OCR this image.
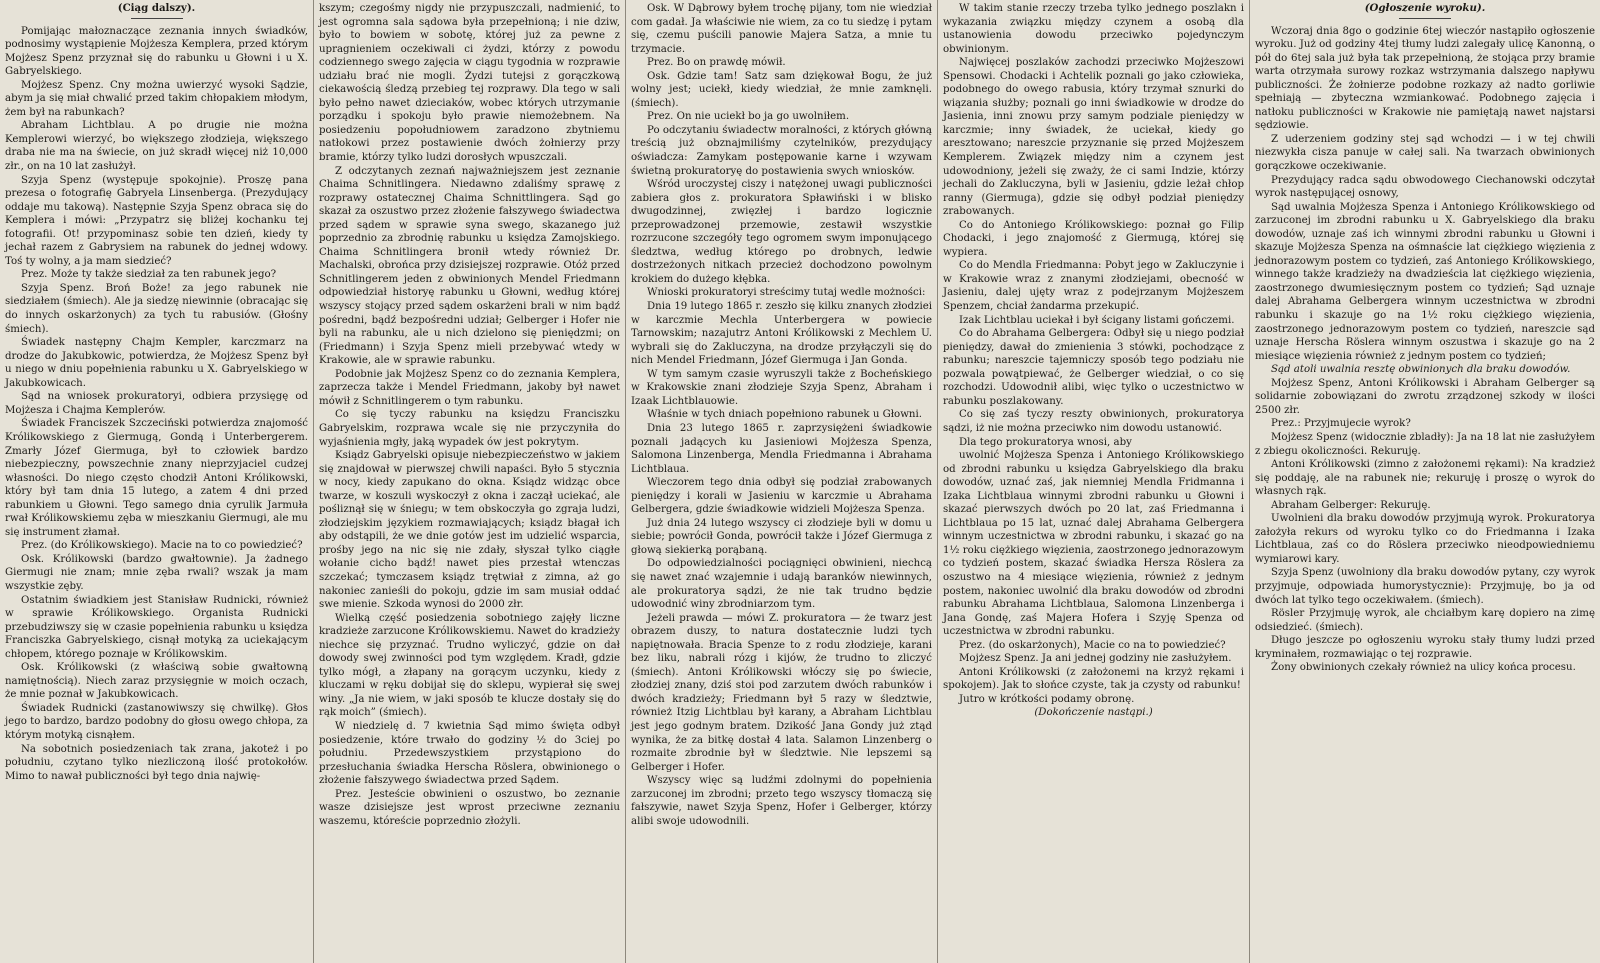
(Ciąg dalszy).

Pomijając małoznaczące zeznania innych świadków, podnosimy wystąpienie Mojżesza Kemplera, przed którym Mojżesz Spenz przyznał się do rabunku u Głowni i u X. Gabryelskiego.

Mojżesz Spenz. Cny można uwierzyć wysoki Sądzie, abym ja się miał chwalić przed takim chłopakiem młodym, żem był na rabunkach?

Abraham Lichtblau. A po drugie nie można Kemplerowi wierzyć, bo większego złodzieja, większego draba nie ma na świecie, on już skradł więcej niż 10,000 złr., on na 10 lat zasłużył.

Szyja Spenz (występuje spokojnie). Proszę pana prezesa o fotografię Gabryela Linsenberga. (Prezydujący oddaje mu takową). Następnie Szyja Spenz obraca się do Kemplera i mówi: „Przypatrz się bliżej kochanku tej fotografii. Ot! przypominasz sobie ten dzień, kiedy ty jechał razem z Gabrysiem na rabunek do jednej wdowy. Toś ty wolny, a ja mam siedzieć?

Prez. Może ty także siedział za ten rabunek jego?

Szyja Spenz. Broń Boże! za jego rabunek nie siedziałem (śmiech). Ale ja siedzę niewinnie (obracając się do innych oskarżonych) za tych tu rabusiów. (Głośny śmiech).

Świadek następny Chajm Kempler, karczmarz na drodze do Jakubkowic, potwierdza, że Mojżesz Spenz był u niego w dniu popełnienia rabunku u X. Gabryelskiego w Jakubkowicach.

Sąd na wniosek prokuratoryi, odbiera przysięgę od Mojżesza i Chajma Kemplerów.

Świadek Franciszek Szczeciński potwierdza znajomość Królikowskiego z Giermugą, Gondą i Unterbergerem. Zmarły Józef Giermuga, był to człowiek bardzo niebezpieczny, powszechnie znany nieprzyjaciel cudzej własności. Do niego często chodził Antoni Królikowski, który był tam dnia 15 lutego, a zatem 4 dni przed rabunkiem u Głowni. Tego samego dnia cyrulik Jarmuła rwał Królikowskiemu zęba w mieszkaniu Giermugi, ale mu się instrument złamał.

Prez. (do Królikowskiego). Macie na to co powiedzieć?

Osk. Królikowski (bardzo gwałtownie). Ja żadnego Giermugi nie znam; mnie zęba rwali? wszak ja mam wszystkie zęby.

Ostatnim świadkiem jest Stanisław Rudnicki, również w sprawie Królikowskiego. Organista Rudnicki przebudziwszy się w czasie popełnienia rabunku u księdza Franciszka Gabryelskiego, cisnął motyką za uciekającym chłopem, którego poznaje w Królikowskim.

Osk. Królikowski (z właściwą sobie gwałtowną namiętnością). Niech zaraz przysięgnie w moich oczach, że mnie poznał w Jakubkowicach.

Świadek Rudnicki (zastanowiwszy się chwilkę). Głos jego to bardzo, bardzo podobny do głosu owego chłopa, za którym motyką cisnąłem.

Na sobotnich posiedzeniach tak zrana, jakoteż i po południu, czytano tylko niezliczoną ilość protokołów. Mimo to nawał publiczności był tego dnia najwię-

kszym; czegośmy nigdy nie przypuszczali, nadmienić, to jest ogromna sala sądowa była przepełnioną; i nie dziw, było to bowiem w sobotę, której już za pewne z upragnieniem oczekiwali ci żydzi, którzy z powodu codziennego swego zajęcia w ciągu tygodnia w rozprawie udziału brać nie mogli. Żydzi tutejsi z gorączkową ciekawością śledzą przebieg tej rozprawy. Dla tego w sali było pełno nawet dzieciaków, wobec których utrzymanie porządku i spokoju było prawie niemożebnem. Na posiedzeniu popołudniowem zaradzono zbytniemu natłokowi przez postawienie dwóch żołnierzy przy bramie, którzy tylko ludzi dorosłych wpuszczali.

Z odczytanych zeznań najważniejszem jest zeznanie Chaima Schnitlingera. Niedawno zdaliśmy sprawę z rozprawy ostatecznej Chaima Schnittlingera. Sąd go skazał za oszustwo przez złożenie fałszywego świadectwa przed sądem w sprawie syna swego, skazanego już poprzednio za zbrodnię rabunku u księdza Zamojskiego. Chaima Schnitlingera bronił wtedy również Dr. Machalski, obrońca przy dzisiejszej rozprawie. Otóż przed Schnitlingerem jeden z obwinionych Mendel Friedmann odpowiedział historyę rabunku u Głowni, według której wszyscy stojący przed sądem oskarżeni brali w nim bądź pośredni, bądź bezpośredni udział; Gelberger i Hofer nie byli na rabunku, ale u nich dzielono się pieniędzmi; on (Friedmann) i Szyja Spenz mieli przebywać wtedy w Krakowie, ale w sprawie rabunku.

Podobnie jak Mojżesz Spenz co do zeznania Kemplera, zaprzecza także i Mendel Friedmann, jakoby był nawet mówił z Schnitlingerem o tym rabunku.

Co się tyczy rabunku na księdzu Franciszku Gabryelskim, rozprawa wcale się nie przyczyniła do wyjaśnienia mgły, jaką wypadek ów jest pokrytym.

Ksiądz Gabryelski opisuje niebezpieczeństwo w jakiem się znajdował w pierwszej chwili napaści. Było 5 stycznia w nocy, kiedy zapukano do okna. Ksiądz widząc obce twarze, w koszuli wyskoczył z okna i zaczął uciekać, ale pośliznął się w śniegu; w tem obskoczyła go zgraja ludzi, złodziejskim językiem rozmawiających; ksiądz błagał ich aby odstąpili, że we dnie gotów jest im udzielić wsparcia, prośby jego na nic się nie zdały, słyszał tylko ciągłe wołanie cicho bądź! nawet pies przestał wtenczas szczekać; tymczasem ksiądz trętwiał z zimna, aż go nakoniec zanieśli do pokoju, gdzie im sam musiał oddać swe mienie. Szkoda wynosi do 2000 złr.

Wielką część posiedzenia sobotniego zajęły liczne kradzieże zarzucone Królikowskiemu. Nawet do kradzieży niechce się przyznać. Trudno wyliczyć, gdzie on dał dowody swej zwinności pod tym względem. Kradł, gdzie tylko mógł, a złapany na gorącym uczynku, kiedy z kluczami w ręku dobijał się do sklepu, wypierał się swej winy. „Ja nie wiem, w jaki sposób te klucze dostały się do rąk moich” (śmiech).

W niedzielę d. 7 kwietnia Sąd mimo święta odbył posiedzenie, które trwało do godziny ½ do 3ciej po południu. Przedewszystkiem przystąpiono do przesłuchania świadka Herscha Röslera, obwinionego o złożenie fałszywego świadectwa przed Sądem.

Prez. Jesteście obwinieni o oszustwo, bo zeznanie wasze dzisiejsze jest wprost przeciwne zeznaniu waszemu, któreście poprzednio złożyli.

Osk. W Dąbrowy byłem trochę pijany, tom nie wiedział com gadał. Ja właściwie nie wiem, za co tu siedzę i pytam się, czemu puścili panowie Majera Satza, a mnie tu trzymacie.

Prez. Bo on prawdę mówił.

Osk. Gdzie tam! Satz sam dziękował Bogu, że już wolny jest; uciekł, kiedy wiedział, że mnie zamknęli. (śmiech).

Prez. On nie uciekł bo ja go uwolniłem.

Po odczytaniu świadectw moralności, z których główną treścią już obznajmiliśmy czytelników, prezydujący oświadcza: Zamykam postępowanie karne i wzywam świetną prokuratoryę do postawienia swych wniosków.

Wśród uroczystej ciszy i natężonej uwagi publiczności zabiera głos z. prokuratora Spławiński i w blisko dwugodzinnej, zwięzłej i bardzo logicznie przeprowadzonej przemowie, zestawił wszystkie rozrzucone szczegóły tego ogromem swym imponującego śledztwa, według którego po drobnych, ledwie dostrzeżonych nitkach przecież dochodzono powolnym krokiem do dużego kłębka.

Wnioski prokuratoryi streścimy tutaj wedle możności:

Dnia 19 lutego 1865 r. zeszło się kilku znanych złodziei w karczmie Mechla Unterbergera w powiecie Tarnowskim; nazajutrz Antoni Królikowski z Mechlem U. wybrali się do Zakluczyna, na drodze przyłączyli się do nich Mendel Friedmann, Józef Giermuga i Jan Gonda.

W tym samym czasie wyruszyli także z Bocheńskiego w Krakowskie znani złodzieje Szyja Spenz, Abraham i Izaak Lichtblauowie.

Właśnie w tych dniach popełniono rabunek u Głowni.

Dnia 23 lutego 1865 r. zaprzysiężeni świadkowie poznali jadących ku Jasieniowi Mojżesza Spenza, Salomona Linzenberga, Mendla Friedmanna i Abrahama Lichtblaua.

Wieczorem tego dnia odbył się podział zrabowanych pieniędzy i korali w Jasieniu w karczmie u Abrahama Gelbergera, gdzie świadkowie widzieli Mojżesza Spenza.

Już dnia 24 lutego wszyscy ci złodzieje byli w domu u siebie; powrócił Gonda, powrócił także i Józef Giermuga z głową siekierką porąbaną.

Do odpowiedzialności pociągnięci obwinieni, niechcą się nawet znać wzajemnie i udają baranków niewinnych, ale prokuratorya sądzi, że nie tak trudno będzie udowodnić winy zbrodniarzom tym.

Jeżeli prawda — mówi Z. prokuratora — że twarz jest obrazem duszy, to natura dostatecznie ludzi tych napiętnowała. Bracia Spenze to z rodu złodzieje, karani bez liku, nabrali rózg i kijów, że trudno to zliczyć (śmiech). Antoni Królikowski włóczy się po świecie, złodziej znany, dziś stoi pod zarzutem dwóch rabunków i dwóch kradzieży; Friedmann był 5 razy w śledztwie, również Itzig Lichtblau był karany, a Abraham Lichtblau jest jego godnym bratem. Dzikość Jana Gondy już ztąd wynika, że za bitkę dostał 4 lata. Salamon Linzenberg o rozmaite zbrodnie był w śledztwie. Nie lepszemi są Gelberger i Hofer.

Wszyscy więc są ludźmi zdolnymi do popełnienia zarzuconej im zbrodni; przeto tego wszyscy tłomaczą się fałszywie, nawet Szyja Spenz, Hofer i Gelberger, którzy alibi swoje udowodnili.

W takim stanie rzeczy trzeba tylko jednego poszlakn i wykazania związku między czynem a osobą dla ustanowienia dowodu przeciwko pojedynczym obwinionym.

Najwięcej poszlaków zachodzi przeciwko Mojżeszowi Spensowi. Chodacki i Achtelik poznali go jako człowieka, podobnego do owego rabusia, który trzymał sznurki do wiązania służby; poznali go inni świadkowie w drodze do Jasienia, inni znowu przy samym podziale pieniędzy w karczmie; inny świadek, że uciekał, kiedy go aresztowano; nareszcie przyznanie się przed Mojżeszem Kemplerem. Związek między nim a czynem jest udowodniony, jeżeli się zważy, że ci sami Indzie, którzy jechali do Zakluczyna, byli w Jasieniu, gdzie leżał chłop ranny (Giermuga), gdzie się odbył podział pieniędzy zrabowanych.

Co do Antoniego Królikowskiego: poznał go Filip Chodacki, i jego znajomość z Giermugą, której się wypiera.

Co do Mendla Friedmanna: Pobyt jego w Zakluczynie i w Krakowie wraz z znanymi złodziejami, obecność w Jasieniu, dalej ujęty wraz z podejrzanym Mojżeszem Spenzem, chciał żandarma przekupić.

Izak Lichtblau uciekał i był ścigany listami gończemi.

Co do Abrahama Gelbergera: Odbył się u niego podział pieniędzy, dawał do zmienienia 3 stówki, pochodzące z rabunku; nareszcie tajemniczy sposób tego podziału nie pozwala powątpiewać, że Gelberger wiedział, o co się rozchodzi. Udowodnił alibi, więc tylko o uczestnictwo w rabunku poszlakowany.

Co się zaś tyczy reszty obwinionych, prokuratorya sądzi, iż nie można przeciwko nim dowodu ustanowić.

Dla tego prokuratorya wnosi, aby

uwolnić Mojżesza Spenza i Antoniego Królikowskiego od zbrodni rabunku u księdza Gabryelskiego dla braku dowodów, uznać zaś, jak niemniej Mendla Fridmanna i Izaka Lichtblaua winnymi zbrodni rabunku u Głowni i skazać pierwszych dwóch po 20 lat, zaś Friedmanna i Lichtblaua po 15 lat, uznać dalej Abrahama Gelbergera winnym uczestnictwa w zbrodni rabunku, i skazać go na 1½ roku ciężkiego więzienia, zaostrzonego jednorazowym co tydzień postem, skazać świadka Hersza Röslera za oszustwo na 4 miesiące więzienia, również z jednym postem, nakoniec uwolnić dla braku dowodów od zbrodni rabunku Abrahama Lichtblaua, Salomona Linzenberga i Jana Gondę, zaś Majera Hofera i Szyję Spenza od uczestnictwa w zbrodni rabunku.

Prez. (do oskarżonych), Macie co na to powiedzieć?

Mojżesz Spenz. Ja ani jednej godziny nie zasłużyłem.

Antoni Królikowski (z założonemi na krzyż rękami i spokojem). Jak to słońce czyste, tak ja czysty od rabunku!

Jutro w krótkości podamy obronę.

(Dokończenie nastąpi.)

(Ogłoszenie wyroku).

Wczoraj dnia 8go o godzinie 6tej wieczór nastąpiło ogłoszenie wyroku. Już od godziny 4tej tłumy ludzi zalegały ulicę Kanonną, o pół do 6tej sala już była tak przepełnioną, że stojąca przy bramie warta otrzymała surowy rozkaz wstrzymania dalszego napływu publiczności. Że żołnierze podobne rozkazy aż nadto gorliwie spełniają — zbyteczna wzmiankować. Podobnego zajęcia i natłoku publiczności w Krakowie nie pamiętają nawet najstarsi sędziowie.

Z uderzeniem godziny stej sąd wchodzi — i w tej chwili niezwykła cisza panuje w całej sali. Na twarzach obwinionych gorączkowe oczekiwanie.

Prezydujący radca sądu obwodowego Ciechanowski odczytał wyrok następującej osnowy,

Sąd uwalnia Mojżesza Spenza i Antoniego Królikowskiego od zarzuconej im zbrodni rabunku u X. Gabryelskiego dla braku dowodów, uznaje zaś ich winnymi zbrodni rabunku u Głowni i skazuje Mojżesza Spenza na ośmnaście lat ciężkiego więzienia z jednorazowym postem co tydzień, zaś Antoniego Królikowskiego, winnego także kradzieży na dwadzieścia lat ciężkiego więzienia, zaostrzonego dwumiesięcznym postem co tydzień; Sąd uznaje dalej Abrahama Gelbergera winnym uczestnictwa w zbrodni rabunku i skazuje go na 1½ roku ciężkiego więzienia, zaostrzonego jednorazowym postem co tydzień, nareszcie sąd uznaje Herscha Röslera winnym oszustwa i skazuje go na 2 miesiące więzienia również z jednym postem co tydzień;

Sąd atoli uwalnia resztę obwinionych dla braku dowodów.

Mojżesz Spenz, Antoni Królikowski i Abraham Gelberger są solidarnie zobowiązani do zwrotu zrządzonej szkody w ilości 2500 złr.

Prez.: Przyjmujecie wyrok?

Mojżesz Spenz (widocznie zbladły): Ja na 18 lat nie zasłużyłem z zbiegu okoliczności. Rekuruję.

Antoni Królikowski (zimno z założonemi rękami): Na kradzież się poddaję, ale na rabunek nie; rekuruję i proszę o wyrok do własnych rąk.

Abraham Gelberger: Rekuruję.

Uwolnieni dla braku dowodów przyjmują wyrok. Prokuratorya założyła rekurs od wyroku tylko co do Friedmanna i Izaka Lichtblaua, zaś co do Röslera przeciwko nieodpowiedniemu wymiarowi kary.

Szyja Spenz (uwolniony dla braku dowodów pytany, czy wyrok przyjmuje, odpowiada humorystycznie): Przyjmuję, bo ja od dwóch lat tylko tego oczekiwałem. (śmiech).

Rösler Przyjmuję wyrok, ale chciałbym karę dopiero na zimę odsiedzieć. (śmiech).

Długo jeszcze po ogłoszeniu wyroku stały tłumy ludzi przed kryminałem, rozmawiając o tej rozprawie.

Żony obwinionych czekały również na ulicy końca procesu.
